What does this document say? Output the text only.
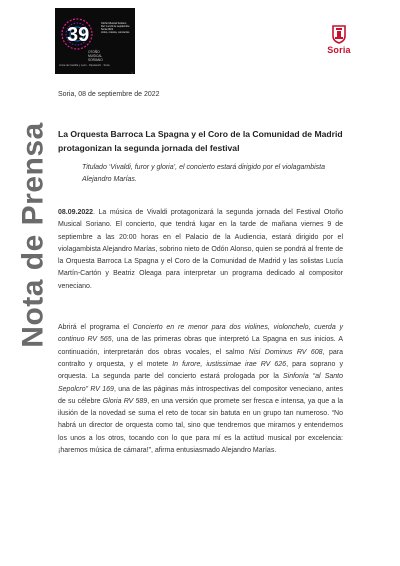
39
Otoño Musical Soriano
Del 1 al 24 de septiembre
Soria 2022
ciclos, música, conciertos
OTOÑO
MUSICAL
SORIANO
Junta de Castilla y León · Diputación · Soria
©
Soria
Nota de Prensa

Soria, 08 de septiembre de 2022

La Orquesta Barroca La Spagna y el Coro de la Comunidad de Madrid protagonizan la segunda jornada del festival

Titulado ‘Vivaldi, furor y gloria’, el concierto estará dirigido por el violagambista Alejandro Marías.

08.09.2022. La música de Vivaldi protagonizará la segunda jornada del Festival Otoño Musical Soriano. El concierto, que tendrá lugar en la tarde de mañana viernes 9 de septiembre a las 20:00 horas en el Palacio de la Audiencia, estará dirigido por el violagambista Alejandro Marías, sobrino nieto de Odón Alonso, quien se pondrá al frente de la Orquesta Barroca La Spagna y el Coro de la Comunidad de Madrid y las solistas Lucía Martín-Cartón y Beatriz Oleaga para interpretar un programa dedicado al compositor veneciano.

Abrirá el programa el Concierto en re menor para dos violines, violonchelo, cuerda y continuo RV 565, una de las primeras obras que interpretó La Spagna en sus inicios. A continuación, interpretarán dos obras vocales, el salmo Nisi Dominus RV 608, para contralto y orquesta, y el motete In furore, iustissimae irae RV 626, para soprano y orquesta. La segunda parte del concierto estará prologada por la Sinfonía “al Santo Sepolcro” RV 169, una de las páginas más introspectivas del compositor veneciano, antes de su célebre Gloria RV 589, en una versión que promete ser fresca e intensa, ya que a la ilusión de la novedad se suma el reto de tocar sin batuta en un grupo tan numeroso. “No habrá un director de orquesta como tal, sino que tendremos que mirarnos y entendernos los unos a los otros, tocando con lo que para mí es la actitud musical por excelencia: ¡haremos música de cámara!”, afirma entusiasmado Alejandro Marías.
